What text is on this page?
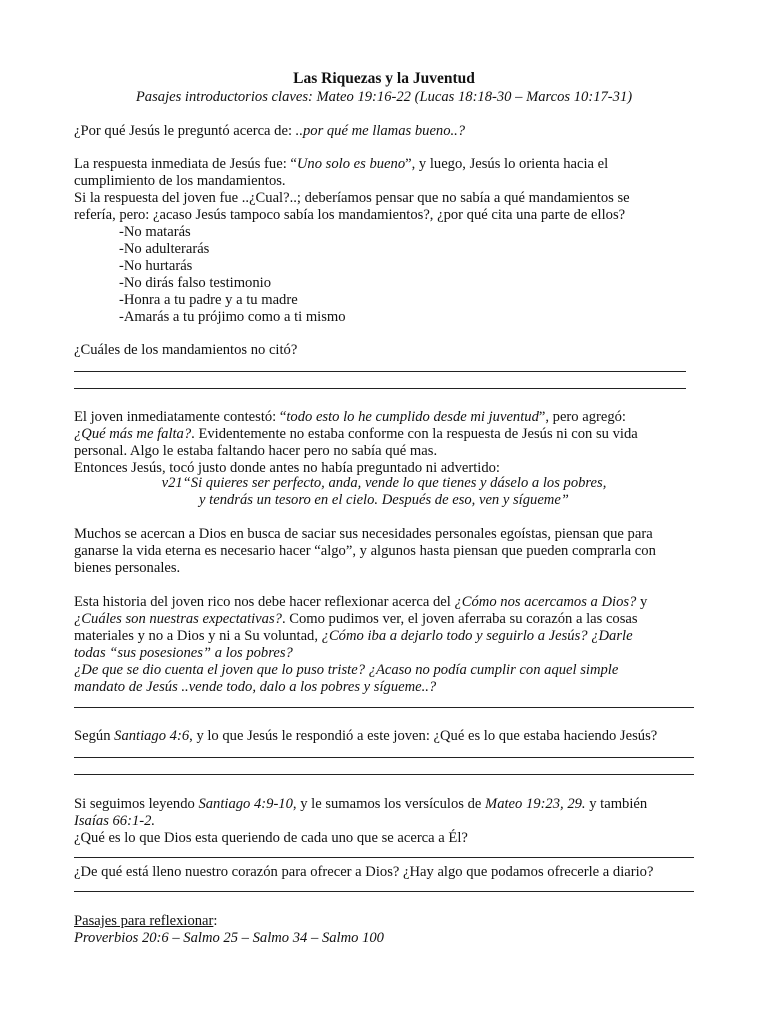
Las Riquezas y la Juventud
Pasajes introductorios claves: Mateo 19:16-22 (Lucas 18:18-30 – Marcos 10:17-31)
¿Por qué Jesús le preguntó acerca de: ..por qué me llamas bueno..?
La respuesta inmediata de Jesús fue: “Uno solo es bueno”, y luego, Jesús lo orienta hacia el
cumplimiento de los mandamientos.
Si la respuesta del joven fue ..¿Cual?..; deberíamos pensar que no sabía a qué mandamientos se
refería, pero: ¿acaso Jesús tampoco sabía los mandamientos?, ¿por qué cita una parte de ellos?
-No matarás
-No adulterarás
-No hurtarás
-No dirás falso testimonio
-Honra a tu padre y a tu madre
-Amarás a tu prójimo como a ti mismo
¿Cuáles de los mandamientos no citó?
El joven inmediatamente contestó: “todo esto lo he cumplido desde mi juventud”, pero agregó:
¿Qué más me falta?. Evidentemente no estaba conforme con la respuesta de Jesús ni con su vida
personal. Algo le estaba faltando hacer pero no sabía qué mas.
Entonces Jesús, tocó justo donde antes no había preguntado ni advertido:
v21“Si quieres ser perfecto, anda, vende lo que tienes y dáselo a los pobres,
y tendrás un tesoro en el cielo. Después de eso, ven y sígueme”
Muchos se acercan a Dios en busca de saciar sus necesidades personales egoístas, piensan que para
ganarse la vida eterna es necesario hacer “algo”, y algunos hasta piensan que pueden comprarla con
bienes personales.
Esta historia del joven rico nos debe hacer reflexionar acerca del ¿Cómo nos acercamos a Dios? y
¿Cuáles son nuestras expectativas?. Como pudimos ver, el joven aferraba su corazón a las cosas
materiales y no a Dios y ni a Su voluntad, ¿Cómo iba a dejarlo todo y seguirlo a Jesús? ¿Darle
todas “sus posesiones” a los pobres?
¿De que se dio cuenta el joven que lo puso triste? ¿Acaso no podía cumplir con aquel simple
mandato de Jesús ..vende todo, dalo a los pobres y sígueme..?
Según Santiago 4:6, y lo que Jesús le respondió a este joven: ¿Qué es lo que estaba haciendo Jesús?
Si seguimos leyendo Santiago 4:9-10, y le sumamos los versículos de Mateo 19:23, 29. y también
Isaías 66:1-2.
¿Qué es lo que Dios esta queriendo de cada uno que se acerca a Él?
¿De qué está lleno nuestro corazón para ofrecer a Dios? ¿Hay algo que podamos ofrecerle a diario?
Pasajes para reflexionar:
Proverbios 20:6 – Salmo 25 – Salmo 34 – Salmo 100
